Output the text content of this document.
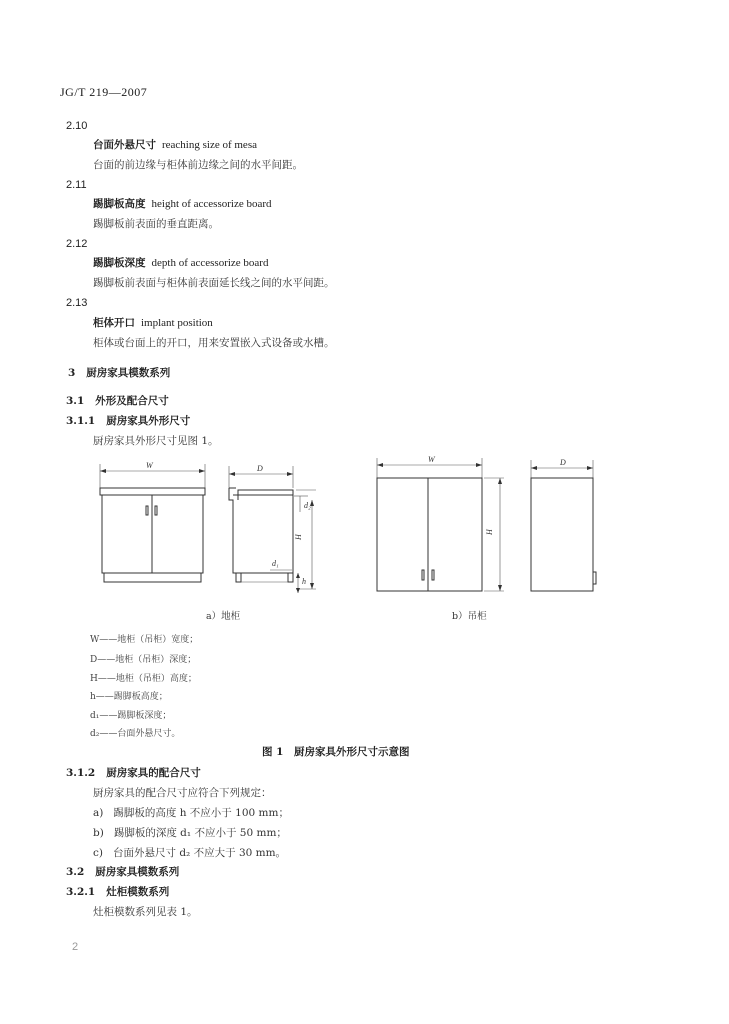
JG/T 219—2007
2.10
台面外悬尺寸 reaching size of mesa
台面的前边缘与柜体前边缘之间的水平间距。
2.11
踢脚板高度 height of accessorize board
踢脚板前表面的垂直距离。
2.12
踢脚板深度 depth of accessorize board
踢脚板前表面与柜体前表面延长线之间的水平间距。
2.13
柜体开口 implant position
柜体或台面上的开口，用来安置嵌入式设备或水槽。
3 厨房家具模数系列
3.1 外形及配合尺寸
3.1.1 厨房家具外形尺寸
厨房家具外形尺寸见图 1。
W	D
H
d₂
d₁
h
W
H
D
a）地柜	b）吊柜
W——地柜（吊柜）宽度；
D——地柜（吊柜）深度；
H——地柜（吊柜）高度；
h——踢脚板高度；
d₁——踢脚板深度；
d₂——台面外悬尺寸。
图 1　厨房家具外形尺寸示意图
3.1.2 厨房家具的配合尺寸
厨房家具的配合尺寸应符合下列规定：
a) 踢脚板的高度 h 不应小于 100 mm；
b) 踢脚板的深度 d₁ 不应小于 50 mm；
c) 台面外悬尺寸 d₂ 不应大于 30 mm。
3.2 厨房家具模数系列
3.2.1 灶柜模数系列
灶柜模数系列见表 1。
2
